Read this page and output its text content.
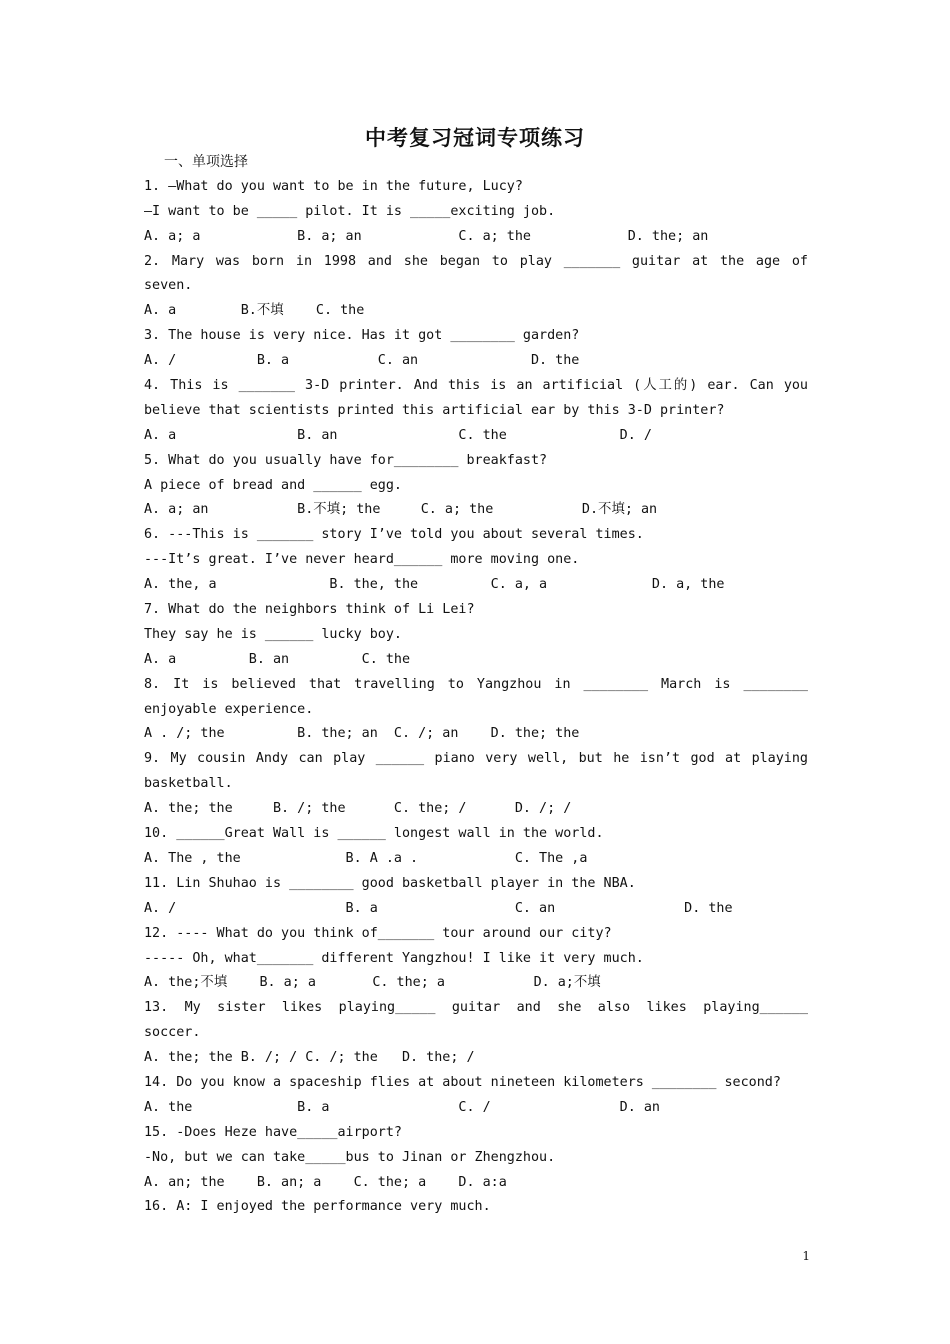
中考复习冠词专项练习
一、单项选择
1. —What do you want to be in the future, Lucy?
—I want to be _____ pilot. It is _____exciting job.
A. a; a            B. a; an            C. a; the            D. the; an
2. Mary was born in 1998 and she began to play _______ guitar at the age of
seven.
A. a        B.不填    C. the
3. The house is very nice. Has it got ________ garden?
A. /          B. a           C. an              D. the
4. This is _______ 3-D printer. And this is an artificial (人工的) ear. Can you
believe that scientists printed this artificial ear by this 3-D printer?
A. a               B. an               C. the              D. /
5. What do you usually have for________ breakfast?
A piece of bread and ______ egg.
A. a; an           B.不填; the     C. a; the           D.不填; an
6. ---This is _______ story I’ve told you about several times.
---It’s great. I’ve never heard______ more moving one.
A. the, a              B. the, the         C. a, a             D. a, the
7. What do the neighbors think of Li Lei?
They say he is ______ lucky boy.
A. a         B. an         C. the
8. It is believed that travelling to Yangzhou in ________ March is ________
enjoyable experience.
A . /; the         B. the; an  C. /; an    D. the; the
9. My cousin Andy can play ______ piano very well, but he isn’t god at playing
basketball.
A. the; the     B. /; the      C. the; /      D. /; /
10. ______Great Wall is ______ longest wall in the world.
A. The , the             B. A .a .            C. The ,a
11. Lin Shuhao is ________ good basketball player in the NBA.
A. /                     B. a                 C. an                D. the
12. ---- What do you think of_______ tour around our city?
----- Oh, what_______ different Yangzhou! I like it very much.
A. the;不填    B. a; a       C. the; a           D. a;不填
13. My sister likes playing_____ guitar and she also likes playing______
soccer.
A. the; the B. /; / C. /; the   D. the; /
14. Do you know a spaceship flies at about nineteen kilometers ________ second?
A. the             B. a                C. /                D. an
15. -Does Heze have_____airport?
-No, but we can take_____bus to Jinan or Zhengzhou.
A. an; the    B. an; a    C. the; a    D. a:a
16. A: I enjoyed the performance very much.
1
